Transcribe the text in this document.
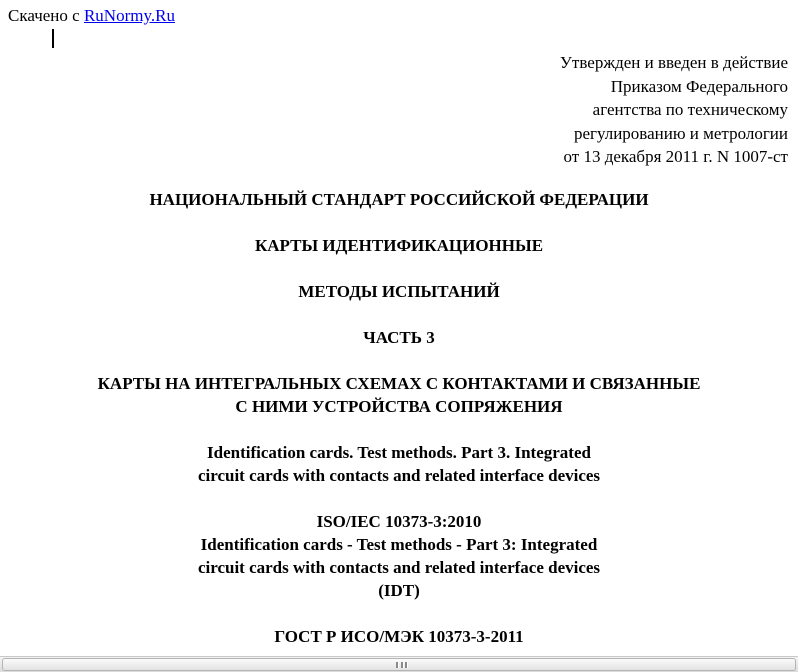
Скачено с RuNormy.Ru
Утвержден и введен в действие
Приказом Федерального
агентства по техническому
регулированию и метрологии
от 13 декабря 2011 г. N 1007-ст
НАЦИОНАЛЬНЫЙ СТАНДАРТ РОССИЙСКОЙ ФЕДЕРАЦИИ
КАРТЫ ИДЕНТИФИКАЦИОННЫЕ
МЕТОДЫ ИСПЫТАНИЙ
ЧАСТЬ 3
КАРТЫ НА ИНТЕГРАЛЬНЫХ СХЕМАХ С КОНТАКТАМИ И СВЯЗАННЫЕ
С НИМИ УСТРОЙСТВА СОПРЯЖЕНИЯ
Identification cards. Test methods. Part 3. Integrated
circuit cards with contacts and related interface devices
ISO/IEC 10373-3:2010
Identification cards - Test methods - Part 3: Integrated
circuit cards with contacts and related interface devices
(IDT)
ГОСТ Р ИСО/МЭК 10373-3-2011
